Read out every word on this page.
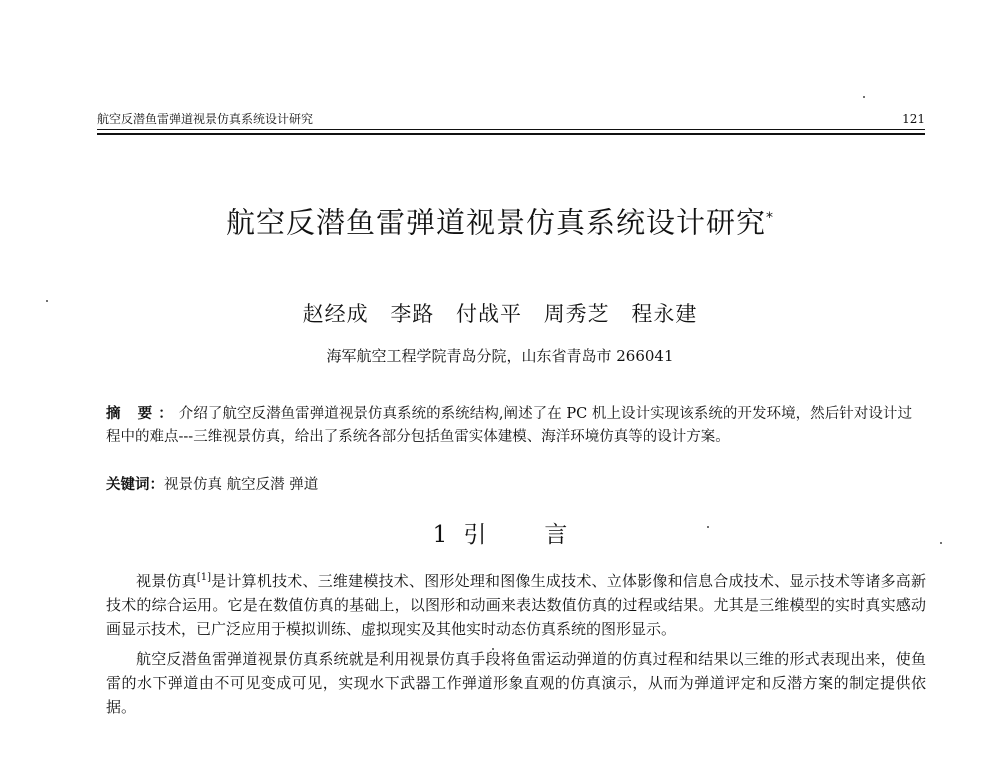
航空反潜鱼雷弹道视景仿真系统设计研究	121
航空反潜鱼雷弹道视景仿真系统设计研究*
赵经成 李路 付战平 周秀芝 程永建
海军航空工程学院青岛分院，山东省青岛市 266041
摘 要：介绍了航空反潜鱼雷弹道视景仿真系统的系统结构,阐述了在 PC 机上设计实现该系统的开发环境，然后针对设计过程中的难点---三维视景仿真，给出了系统各部分包括鱼雷实体建模、海洋环境仿真等的设计方案。
关键词：视景仿真 航空反潜 弹道
1 引	言

视景仿真[1]是计算机技术、三维建模技术、图形处理和图像生成技术、立体影像和信息合成技术、显示技术等诸多高新技术的综合运用。它是在数值仿真的基础上，以图形和动画来表达数值仿真的过程或结果。尤其是三维模型的实时真实感动画显示技术，已广泛应用于模拟训练、虚拟现实及其他实时动态仿真系统的图形显示。

航空反潜鱼雷弹道视景仿真系统就是利用视景仿真手段将鱼雷运动弹道的仿真过程和结果以三维的形式表现出来，使鱼雷的水下弹道由不可见变成可见，实现水下武器工作弹道形象直观的仿真演示，从而为弹道评定和反潜方案的制定提供依据。
